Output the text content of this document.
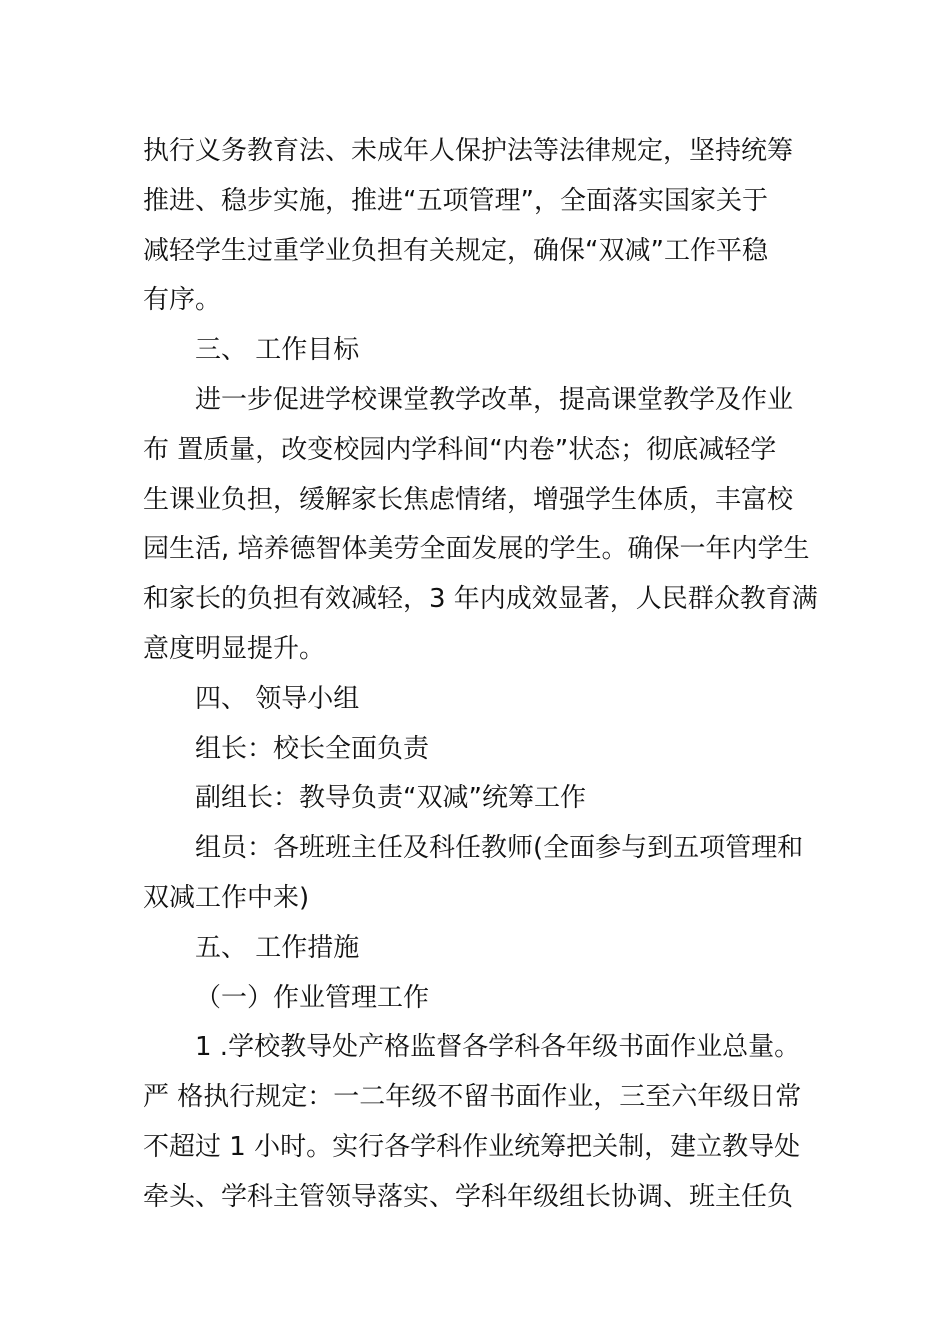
执行义务教育法、未成年人保护法等法律规定，坚持统筹
推进、稳步实施，推进“五项管理”，全面落实国家关于
减轻学生过重学业负担有关规定，确保“双减”工作平稳
有序。
三、 工作目标
进一步促进学校课堂教学改革，提高课堂教学及作业
布 置质量，改变校园内学科间“内卷”状态；彻底减轻学
生课业负担，缓解家长焦虑情绪，增强学生体质，丰富校
园生活, 培养德智体美劳全面发展的学生。确保一年内学生
和家长的负担有效减轻，3 年内成效显著，人民群众教育满
意度明显提升。
四、 领导小组
组长：校长全面负责
副组长：教导负责“双减”统筹工作
组员：各班班主任及科任教师(全面参与到五项管理和
双减工作中来)
五、 工作措施
（一）作业管理工作
1 .学校教导处产格监督各学科各年级书面作业总量。
严 格执行规定：一二年级不留书面作业，三至六年级日常
不超过 1 小时。实行各学科作业统筹把关制，建立教导处
牵头、学科主管领导落实、学科年级组长协调、班主任负
